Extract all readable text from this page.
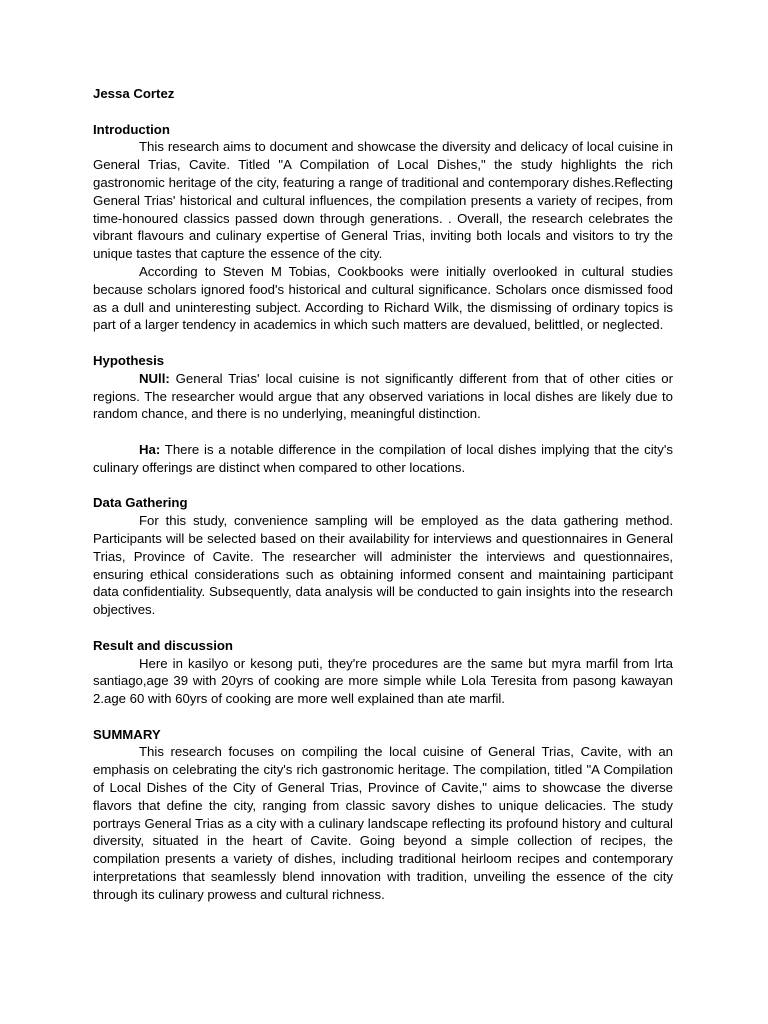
Jessa Cortez
Introduction

This research aims to document and showcase the diversity and delicacy of local cuisine in General Trias, Cavite. Titled "A Compilation of Local Dishes," the study highlights the rich gastronomic heritage of the city, featuring a range of traditional and contemporary dishes.Reflecting General Trias' historical and cultural influences, the compilation presents a variety of recipes, from time-honoured classics passed down through generations. . Overall, the research celebrates the vibrant flavours and culinary expertise of General Trias, inviting both locals and visitors to try the unique tastes that capture the essence of the city.

According to Steven M Tobias, Cookbooks were initially overlooked in cultural studies because scholars ignored food's historical and cultural significance. Scholars once dismissed food as a dull and uninteresting subject. According to Richard Wilk, the dismissing of ordinary topics is part of a larger tendency in academics in which such matters are devalued, belittled, or neglected.

Hypothesis

NUll: General Trias' local cuisine is not significantly different from that of other cities or regions. The researcher would argue that any observed variations in local dishes are likely due to random chance, and there is no underlying, meaningful distinction.

Ha: There is a notable difference in the compilation of local dishes implying that the city's culinary offerings are distinct when compared to other locations.

Data Gathering

For this study, convenience sampling will be employed as the data gathering method. Participants will be selected based on their availability for interviews and questionnaires in General Trias, Province of Cavite. The researcher will administer the interviews and questionnaires, ensuring ethical considerations such as obtaining informed consent and maintaining participant data confidentiality. Subsequently, data analysis will be conducted to gain insights into the research objectives.

Result and discussion

Here in kasilyo or kesong puti, they're procedures are the same but myra marfil from lrta santiago,age 39 with 20yrs of cooking are more simple while Lola Teresita from pasong kawayan 2.age 60 with 60yrs of cooking are more well explained than ate marfil.

SUMMARY

This research focuses on compiling the local cuisine of General Trias, Cavite, with an emphasis on celebrating the city's rich gastronomic heritage. The compilation, titled "A Compilation of Local Dishes of the City of General Trias, Province of Cavite," aims to showcase the diverse flavors that define the city, ranging from classic savory dishes to unique delicacies. The study portrays General Trias as a city with a culinary landscape reflecting its profound history and cultural diversity, situated in the heart of Cavite. Going beyond a simple collection of recipes, the compilation presents a variety of dishes, including traditional heirloom recipes and contemporary interpretations that seamlessly blend innovation with tradition, unveiling the essence of the city through its culinary prowess and cultural richness.
